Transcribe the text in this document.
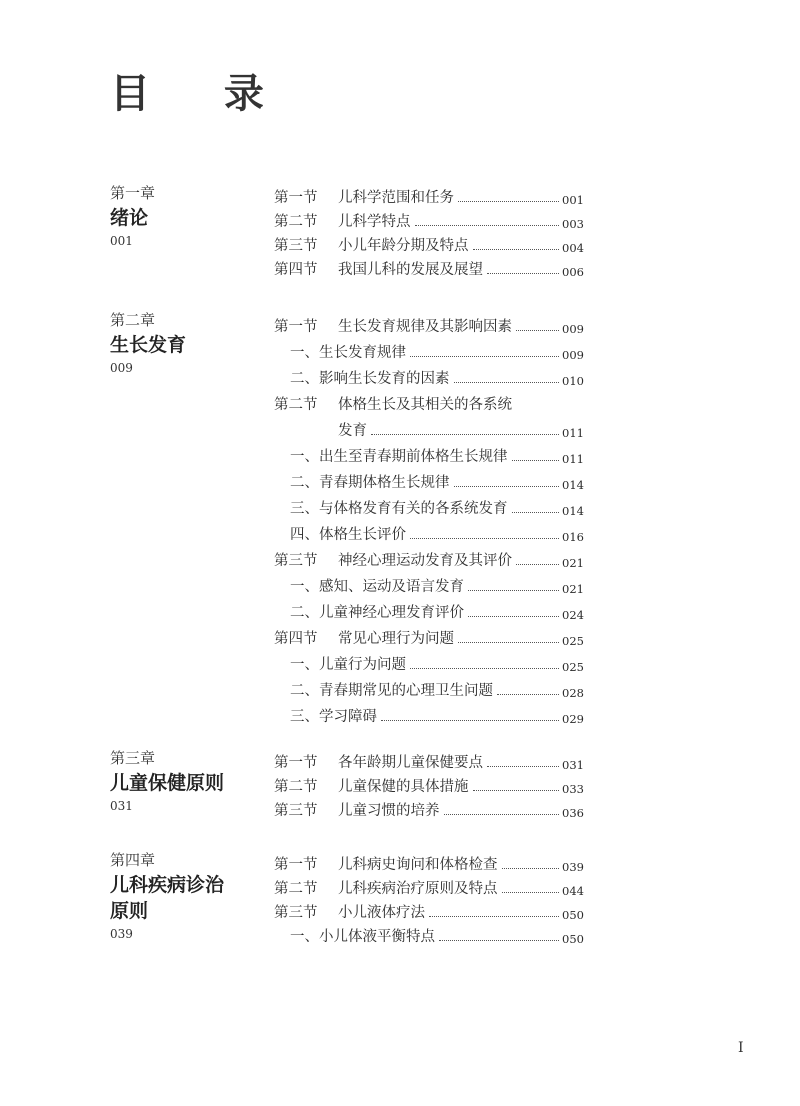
目 录
第一章
绪论
001
第一节	儿科学范围和任务	001
第二节	儿科学特点	003
第三节	小儿年龄分期及特点	004
第四节	我国儿科的发展及展望	006
第二章
生长发育
009
第一节	生长发育规律及其影响因素	009
一、生长发育规律	009
二、影响生长发育的因素	010
第二节	体格生长及其相关的各系统
发育	011
一、出生至青春期前体格生长规律	011
二、青春期体格生长规律	014
三、与体格发育有关的各系统发育	014
四、体格生长评价	016
第三节	神经心理运动发育及其评价	021
一、感知、运动及语言发育	021
二、儿童神经心理发育评价	024
第四节	常见心理行为问题	025
一、儿童行为问题	025
二、青春期常见的心理卫生问题	028
三、学习障碍	029
第三章
儿童保健原则
031
第一节	各年龄期儿童保健要点	031
第二节	儿童保健的具体措施	033
第三节	儿童习惯的培养	036
第四章
儿科疾病诊治
原则
039
第一节	儿科病史询问和体格检查	039
第二节	儿科疾病治疗原则及特点	044
第三节	小儿液体疗法	050
一、小儿体液平衡特点	050
I
